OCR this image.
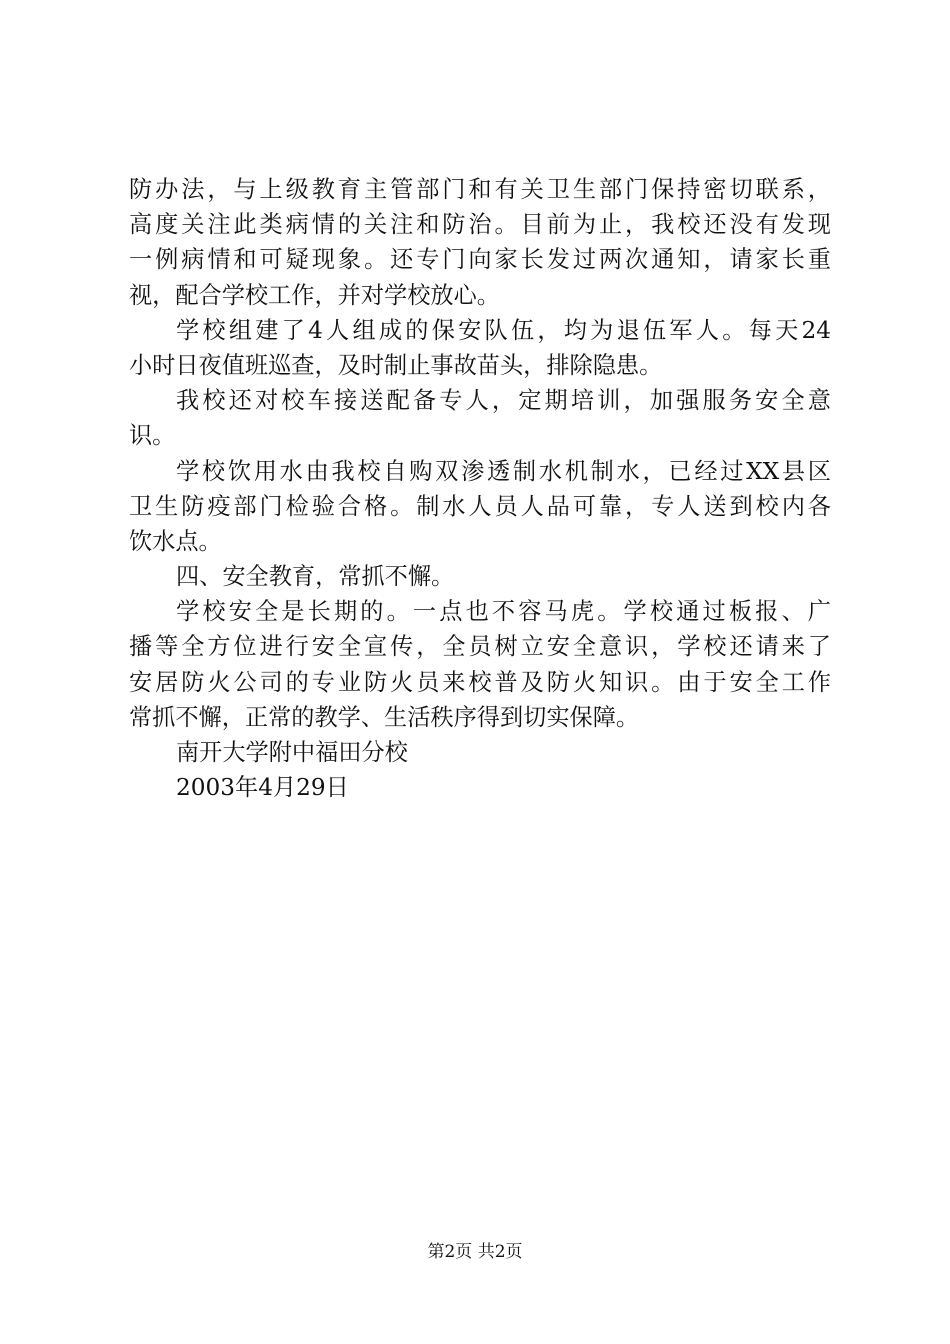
防办法，与上级教育主管部门和有关卫生部门保持密切联系，
高度关注此类病情的关注和防治。目前为止，我校还没有发现
一例病情和可疑现象。还专门向家长发过两次通知，请家长重
视，配合学校工作，并对学校放心。
学校组建了4人组成的保安队伍，均为退伍军人。每天24
小时日夜值班巡查，及时制止事故苗头，排除隐患。
我校还对校车接送配备专人，定期培训，加强服务安全意
识。
学校饮用水由我校自购双渗透制水机制水，已经过XX县区
卫生防疫部门检验合格。制水人员人品可靠，专人送到校内各
饮水点。
四、安全教育，常抓不懈。
学校安全是长期的。一点也不容马虎。学校通过板报、广
播等全方位进行安全宣传，全员树立安全意识，学校还请来了
安居防火公司的专业防火员来校普及防火知识。由于安全工作
常抓不懈，正常的教学、生活秩序得到切实保障。
南开大学附中福田分校
2003年4月29日
第2页 共2页
